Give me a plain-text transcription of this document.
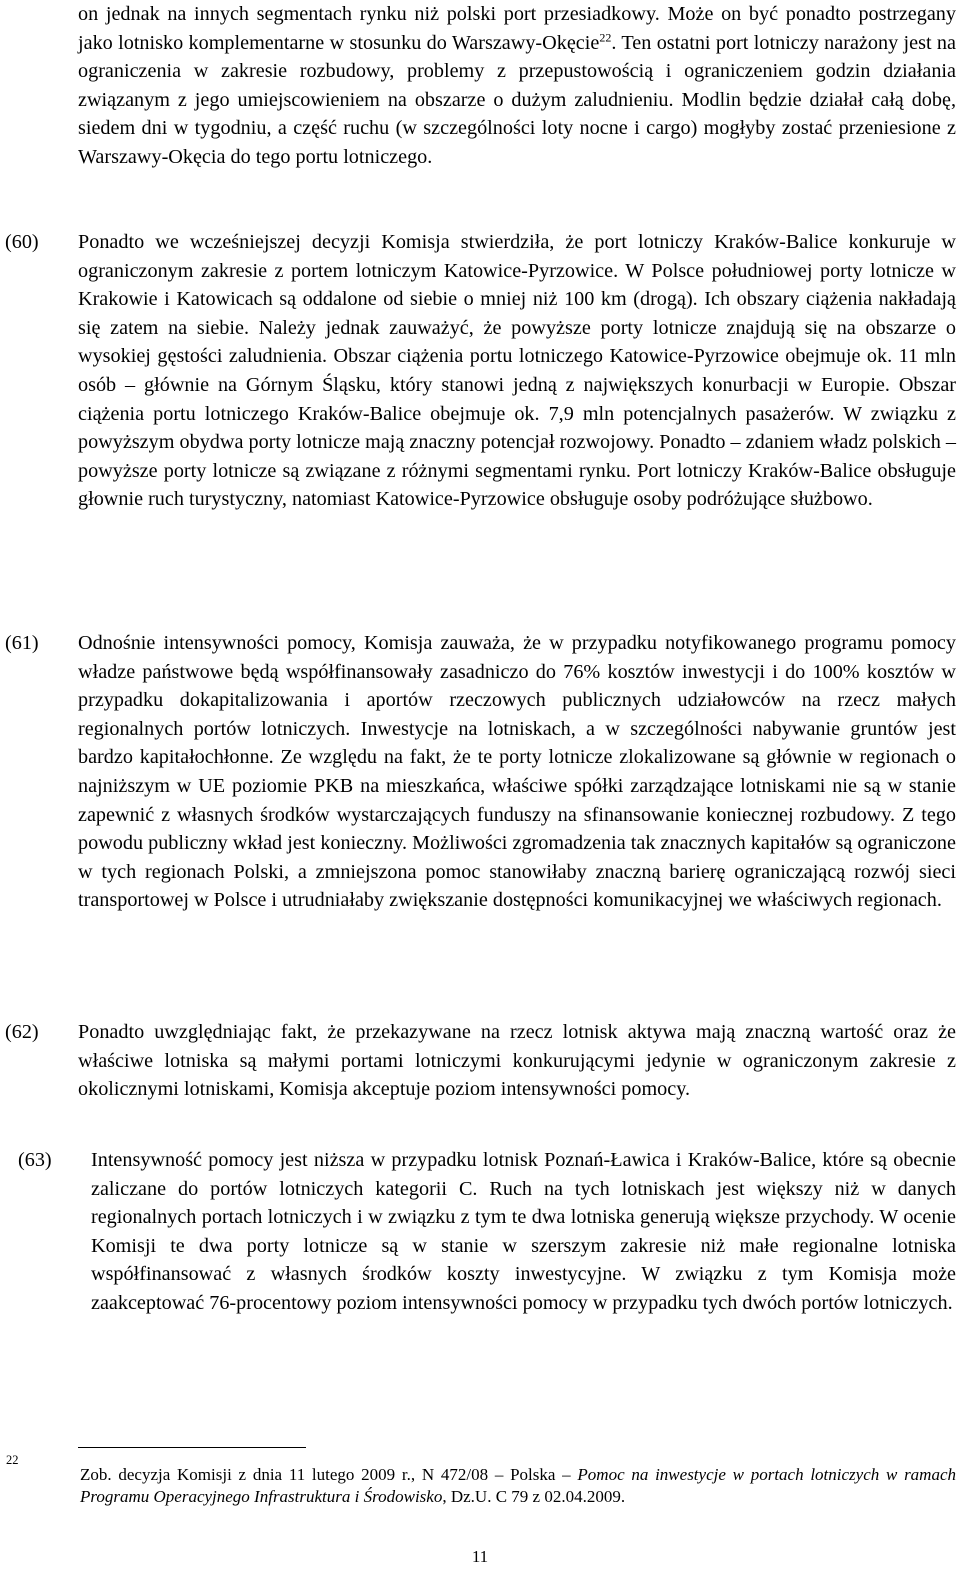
on jednak na innych segmentach rynku niż polski port przesiadkowy. Może on być ponadto postrzegany jako lotnisko komplementarne w stosunku do Warszawy-Okęcie$^{22}$. Ten ostatni port lotniczy narażony jest na ograniczenia w zakresie rozbudowy, problemy z przepustowością i ograniczeniem godzin działania związanym z jego umiejscowieniem na obszarze o dużym zaludnieniu. Modlin będzie działał całą dobę, siedem dni w tygodniu, a część ruchu (w szczególności loty nocne i cargo) mogłyby zostać przeniesione z Warszawy-Okęcia do tego portu lotniczego.
(60) Ponadto we wcześniejszej decyzji Komisja stwierdziła, że port lotniczy Kraków-Balice konkuruje w ograniczonym zakresie z portem lotniczym Katowice-Pyrzowice. W Polsce południowej porty lotnicze w Krakowie i Katowicach są oddalone od siebie o mniej niż 100 km (drogą). Ich obszary ciążenia nakładają się zatem na siebie. Należy jednak zauważyć, że powyższe porty lotnicze znajdują się na obszarze o wysokiej gęstości zaludnienia. Obszar ciążenia portu lotniczego Katowice-Pyrzowice obejmuje ok. 11 mln osób – głównie na Górnym Śląsku, który stanowi jedną z największych konurbacji w Europie. Obszar ciążenia portu lotniczego Kraków-Balice obejmuje ok. 7,9 mln potencjalnych pasażerów. W związku z powyższym obydwa porty lotnicze mają znaczny potencjał rozwojowy. Ponadto – zdaniem władz polskich – powyższe porty lotnicze są związane z różnymi segmentami rynku. Port lotniczy Kraków-Balice obsługuje głownie ruch turystyczny, natomiast Katowice-Pyrzowice obsługuje osoby podróżujące służbowo.
(61) Odnośnie intensywności pomocy, Komisja zauważa, że w przypadku notyfikowanego programu pomocy władze państwowe będą współfinansowały zasadniczo do 76% kosztów inwestycji i do 100% kosztów w przypadku dokapitalizowania i aportów rzeczowych publicznych udziałowców na rzecz małych regionalnych portów lotniczych. Inwestycje na lotniskach, a w szczególności nabywanie gruntów jest bardzo kapitałochłonne. Ze względu na fakt, że te porty lotnicze zlokalizowane są głównie w regionach o najniższym w UE poziomie PKB na mieszkańca, właściwe spółki zarządzające lotniskami nie są w stanie zapewnić z własnych środków wystarczających funduszy na sfinansowanie koniecznej rozbudowy. Z tego powodu publiczny wkład jest konieczny. Możliwości zgromadzenia tak znacznych kapitałów są ograniczone w tych regionach Polski, a zmniejszona pomoc stanowiłaby znaczną barierę ograniczającą rozwój sieci transportowej w Polsce i utrudniałaby zwiększanie dostępności komunikacyjnej we właściwych regionach.
(62) Ponadto uwzględniając fakt, że przekazywane na rzecz lotnisk aktywa mają znaczną wartość oraz że właściwe lotniska są małymi portami lotniczymi konkurującymi jedynie w ograniczonym zakresie z okolicznymi lotniskami, Komisja akceptuje poziom intensywności pomocy.
(63) Intensywność pomocy jest niższa w przypadku lotnisk Poznań-Ławica i Kraków-Balice, które są obecnie zaliczane do portów lotniczych kategorii C. Ruch na tych lotniskach jest większy niż w danych regionalnych portach lotniczych i w związku z tym te dwa lotniska generują większe przychody. W ocenie Komisji te dwa porty lotnicze są w stanie w szerszym zakresie niż małe regionalne lotniska współfinansować z własnych środków koszty inwestycyjne. W związku z tym Komisja może zaakceptować 76-procentowy poziom intensywności pomocy w przypadku tych dwóch portów lotniczych.
22
Zob. decyzja Komisji z dnia 11 lutego 2009 r., N 472/08 – Polska – Pomoc na inwestycje w portach lotniczych w ramach Programu Operacyjnego Infrastruktura i Środowisko, Dz.U. C 79 z 02.04.2009.
11
